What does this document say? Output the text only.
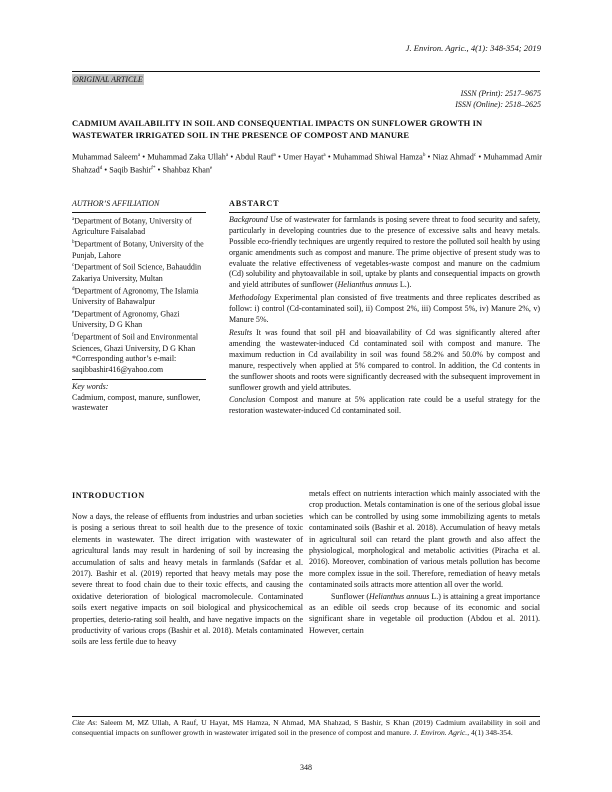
J. Environ. Agric., 4(1): 348-354; 2019
ORIGINAL ARTICLE
ISSN (Print): 2517–9675
ISSN (Online): 2518–2625
CADMIUM AVAILABILITY IN SOIL AND CONSEQUENTIAL IMPACTS ON SUNFLOWER GROWTH IN WASTEWATER IRRIGATED SOIL IN THE PRESENCE OF COMPOST AND MANURE
Muhammad Saleem$^a$ • Muhammad Zaka Ullah$^a$ • Abdul Rauf$^a$ • Umer Hayat$^a$ • Muhammad Shiwal Hamza$^b$ • Niaz Ahmad$^c$ • Muhammad Amir Shahzad$^d$ • Saqib Bashir$^{f*}$ • Shahbaz Khan$^e$
AUTHOR’S AFFILIATION
$^a$Department of Botany, University of Agriculture Faisalabad
$^b$Department of Botany, University of the Punjab, Lahore
$^c$Department of Soil Science, Bahauddin Zakariya University, Multan
$^d$Department of Agronomy, The Islamia University of Bahawalpur
$^e$Department of Agronomy, Ghazi University, D G Khan
$^f$Department of Soil and Environmental Sciences, Ghazi University, D G Khan
*Corresponding author’s e-mail: saqibbashir416@yahoo.com
Key words:
Cadmium, compost, manure, sunflower, wastewater
ABSTARCT

Background Use of wastewater for farmlands is posing severe threat to food security and safety, particularly in developing countries due to the presence of excessive salts and heavy metals. Possible eco-friendly techniques are urgently required to restore the polluted soil health by using organic amendments such as compost and manure. The prime objective of present study was to evaluate the relative effectiveness of vegetables-waste compost and manure on the cadmium (Cd) solubility and phytoavailable in soil, uptake by plants and consequential impacts on growth and yield attributes of sunflower (Helianthus annuus L.).

Methodology Experimental plan consisted of five treatments and three replicates described as follow: i) control (Cd-contaminated soil), ii) Compost 2%, iii) Compost 5%, iv) Manure 2%, v) Manure 5%.

Results It was found that soil pH and bioavailability of Cd was significantly altered after amending the wastewater-induced Cd contaminated soil with compost and manure. The maximum reduction in Cd availability in soil was found 58.2% and 50.0% by compost and manure, respectively when applied at 5% compared to control. In addition, the Cd contents in the sunflower shoots and roots were significantly decreased with the subsequent improvement in sunflower growth and yield attributes.

Conclusion Compost and manure at 5% application rate could be a useful strategy for the restoration wastewater-induced Cd contaminated soil.

INTRODUCTION

Now a days, the release of effluents from industries and urban societies is posing a serious threat to soil health due to the presence of toxic elements in wastewater. The direct irrigation with wastewater of agricultural lands may result in hardening of soil by increasing the accumulation of salts and heavy metals in farmlands (Safdar et al. 2017). Bashir et al. (2019) reported that heavy metals may pose the severe threat to food chain due to their toxic effects, and causing the oxidative deterioration of biological macromolecule. Contaminated soils exert negative impacts on soil biological and physicochemical properties, deterio-rating soil health, and have negative impacts on the productivity of various crops (Bashir et al. 2018). Metals contaminated soils are less fertile due to heavy

metals effect on nutrients interaction which mainly associated with the crop production. Metals contamination is one of the serious global issue which can be controlled by using some immobilizing agents to metals contaminated soils (Bashir et al. 2018). Accumulation of heavy metals in agricultural soil can retard the plant growth and also affect the physiological, morphological and metabolic activities (Piracha et al. 2016). Moreover, combination of various metals pollution has become more complex issue in the soil. Therefore, remediation of heavy metals contaminated soils attracts more attention all over the world.

Sunflower (Helianthus annuus L.) is attaining a great importance as an edible oil seeds crop because of its economic and social significant share in vegetable oil production (Abdou et al. 2011). However, certain

Cite As: Saleem M, MZ Ullah, A Rauf, U Hayat, MS Hamza, N Ahmad, MA Shahzad, S Bashir, S Khan (2019) Cadmium availability in soil and consequential impacts on sunflower growth in wastewater irrigated soil in the presence of compost and manure. J. Environ. Agric., 4(1) 348-354.
348
